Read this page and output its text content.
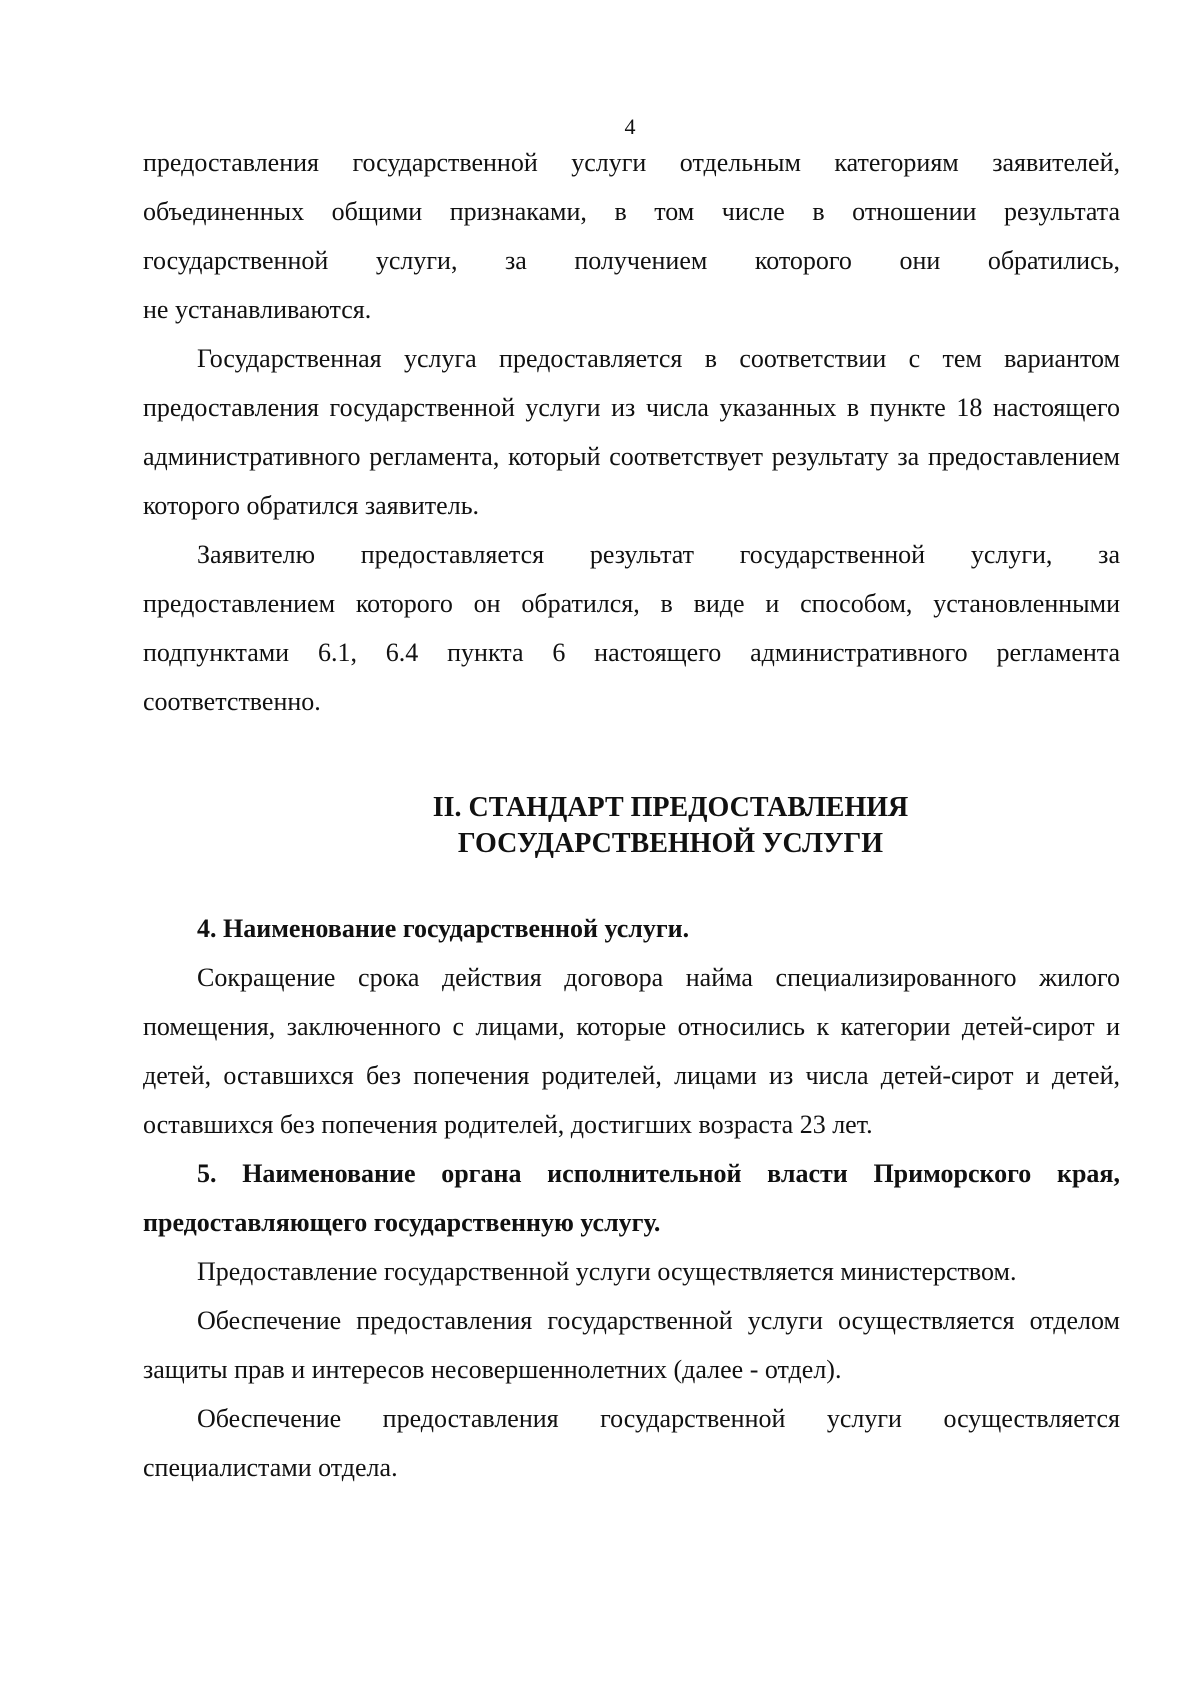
4

предоставления государственной услуги отдельным категориям заявителей, объединенных общими признаками, в том числе в отношении результата государственной услуги, за получением которого они обратились,

не устанавливаются.

Государственная услуга предоставляется в соответствии с тем вариантом предоставления государственной услуги из числа указанных в пункте 18 настоящего административного регламента, который соответствует результату за предоставлением которого обратился заявитель.

Заявителю предоставляется результат государственной услуги, за предоставлением которого он обратился, в виде и способом, установленными подпунктами 6.1, 6.4 пункта 6 настоящего административного регламента соответственно.

II. СТАНДАРТ ПРЕДОСТАВЛЕНИЯ
ГОСУДАРСТВЕННОЙ УСЛУГИ

4. Наименование государственной услуги.

Сокращение срока действия договора найма специализированного жилого помещения, заключенного с лицами, которые относились к категории детей-сирот и детей, оставшихся без попечения родителей, лицами из числа детей-сирот и детей, оставшихся без попечения родителей, достигших возраста 23 лет.

5. Наименование органа исполнительной власти Приморского края, предоставляющего государственную услугу.

Предоставление государственной услуги осуществляется министерством.

Обеспечение предоставления государственной услуги осуществляется отделом защиты прав и интересов несовершеннолетних (далее - отдел).

Обеспечение предоставления государственной услуги осуществляется специалистами отдела.
